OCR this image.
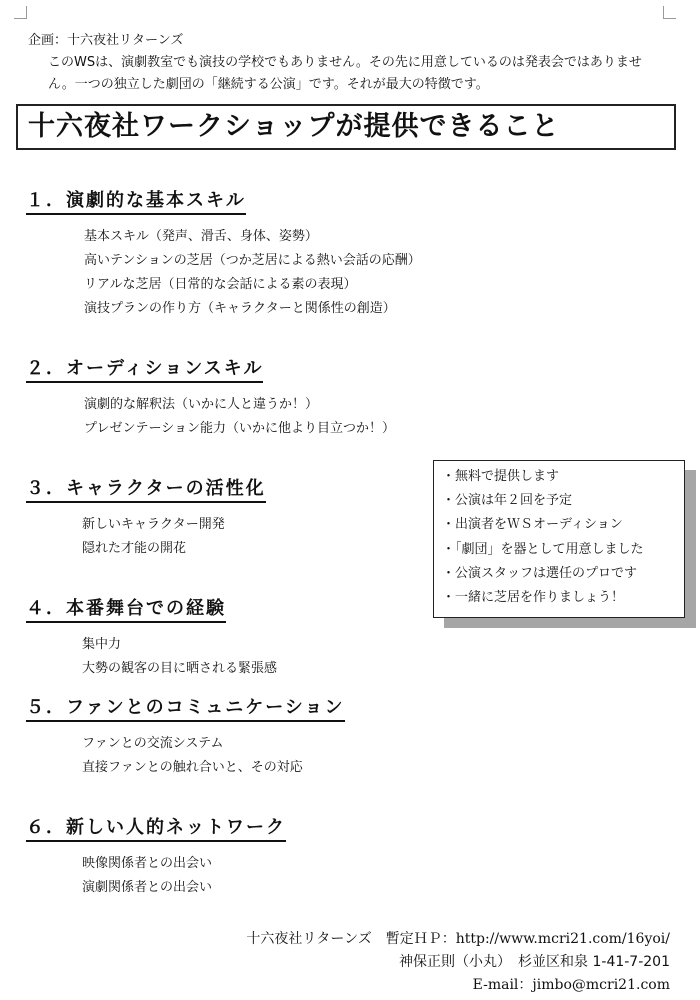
企画：十六夜社リターンズ
このWSは、演劇教室でも演技の学校でもありません。その先に用意しているのは発表会ではありません。一つの独立した劇団の「継続する公演」です。それが最大の特徴です。
十六夜社ワークショップが提供できること
１．演劇的な基本スキル
基本スキル（発声、滑舌、身体、姿勢）
高いテンションの芝居（つか芝居による熱い会話の応酬）
リアルな芝居（日常的な会話による素の表現）
演技プランの作り方（キャラクターと関係性の創造）
２．オーディションスキル
演劇的な解釈法（いかに人と違うか！）
プレゼンテーション能力（いかに他より目立つか！）
３．キャラクターの活性化
新しいキャラクター開発
隠れた才能の開花
４．本番舞台での経験
集中力
大勢の観客の目に晒される緊張感
５．ファンとのコミュニケーション
ファンとの交流システム
直接ファンとの触れ合いと、その対応
６．新しい人的ネットワーク
映像関係者との出会い
演劇関係者との出会い
・無料で提供します
・公演は年２回を予定
・出演者をＷＳオーディション
・「劇団」を器として用意しました
・公演スタッフは選任のプロです
・一緒に芝居を作りましょう！
十六夜社リターンズ　暫定ＨＰ：http://www.mcri21.com/16yoi/
神保正則（小丸）　杉並区和泉 1-41-7-201
E-mail：jimbo@mcri21.com
